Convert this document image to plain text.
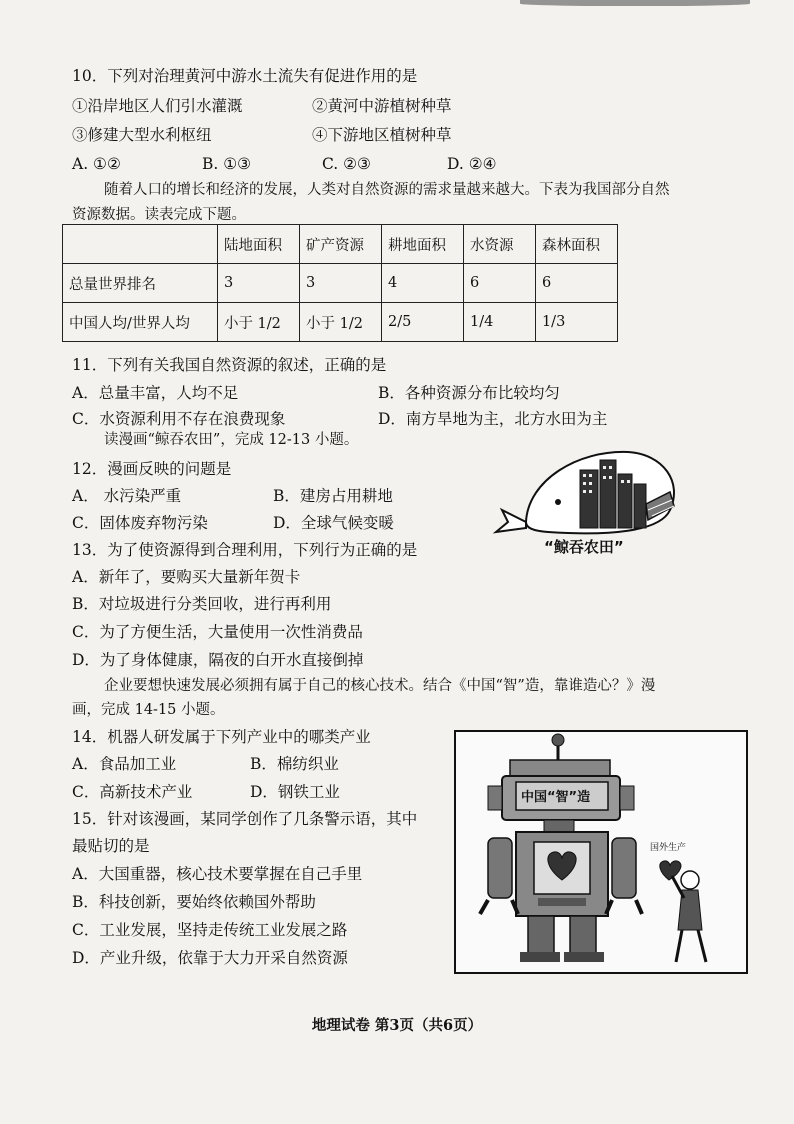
10．下列对治理黄河中游水土流失有促进作用的是
①沿岸地区人们引水灌溉	②黄河中游植树种草
③修建大型水利枢纽	④下游地区植树种草
A. ①②	B. ①③	C. ②③	D. ②④
随着人口的增长和经济的发展，人类对自然资源的需求量越来越大。下表为我国部分自然
资源数据。读表完成下题。
	陆地面积	矿产资源	耕地面积	水资源	森林面积
总量世界排名	3	3	4	6	6
中国人均/世界人均	小于 1/2	小于 1/2	2/5	1/4	1/3
11．下列有关我国自然资源的叙述，正确的是
A．总量丰富，人均不足	B．各种资源分布比较均匀
C．水资源利用不存在浪费现象	D．南方旱地为主，北方水田为主
读漫画“鲸吞农田”，完成 12-13 小题。
12．漫画反映的问题是
A． 水污染严重	B．建房占用耕地
C．固体废弃物污染	D．全球气候变暖
“鲸吞农田”
13．为了使资源得到合理利用，下列行为正确的是
A．新年了，要购买大量新年贺卡
B．对垃圾进行分类回收，进行再利用
C．为了方便生活，大量使用一次性消费品
D．为了身体健康，隔夜的白开水直接倒掉
企业要想快速发展必须拥有属于自己的核心技术。结合《中国“智”造，靠谁造心？》漫
画，完成 14-15 小题。
14．机器人研发属于下列产业中的哪类产业
A．食品加工业	B．棉纺织业
C．高新技术产业	D．钢铁工业
15．针对该漫画，某同学创作了几条警示语，其中
最贴切的是
A．大国重器，核心技术要掌握在自己手里
B．科技创新，要始终依赖国外帮助
C．工业发展，坚持走传统工业发展之路
D．产业升级，依靠于大力开采自然资源
中国“智”造
国外生产
地理试卷 第3页（共6页）
